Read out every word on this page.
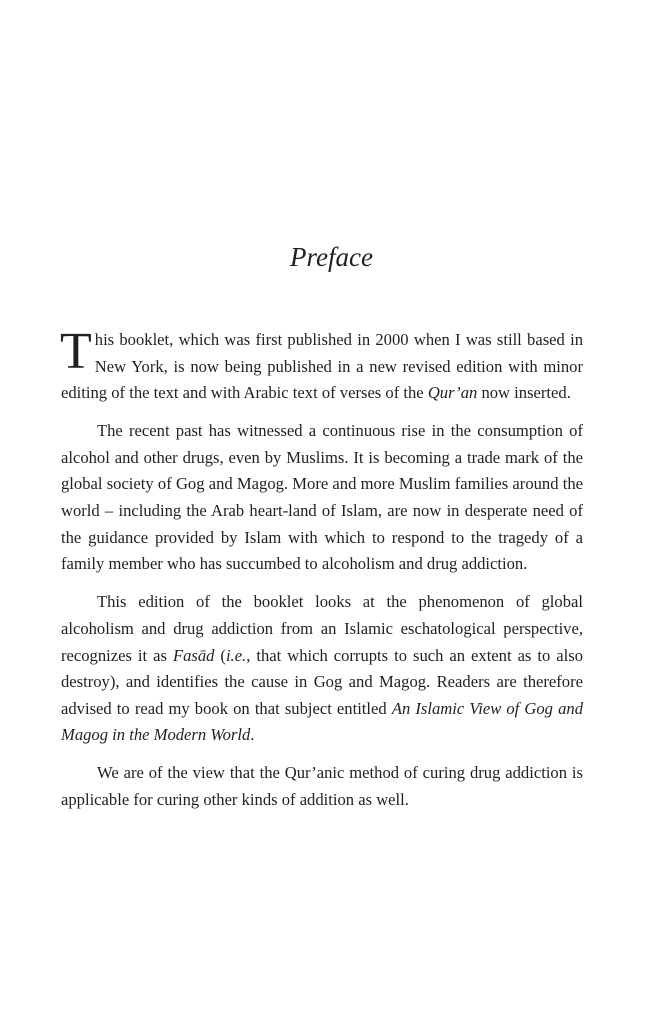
Preface

This booklet, which was first published in 2000 when I was still based in New York, is now being published in a new revised edition with minor editing of the text and with Arabic text of verses of the Qur’an now inserted.

The recent past has witnessed a continuous rise in the consumption of alcohol and other drugs, even by Muslims. It is becoming a trade mark of the global society of Gog and Magog. More and more Muslim families around the world – including the Arab heart-land of Islam, are now in desperate need of the guidance provided by Islam with which to respond to the tragedy of a family member who has succumbed to alcoholism and drug addiction.

This edition of the booklet looks at the phenomenon of global alcoholism and drug addiction from an Islamic eschatological perspective, recognizes it as Fasād (i.e., that which corrupts to such an extent as to also destroy), and identifies the cause in Gog and Magog. Readers are therefore advised to read my book on that subject entitled An Islamic View of Gog and Magog in the Modern World.

We are of the view that the Qur’anic method of curing drug addiction is applicable for curing other kinds of addition as well.
